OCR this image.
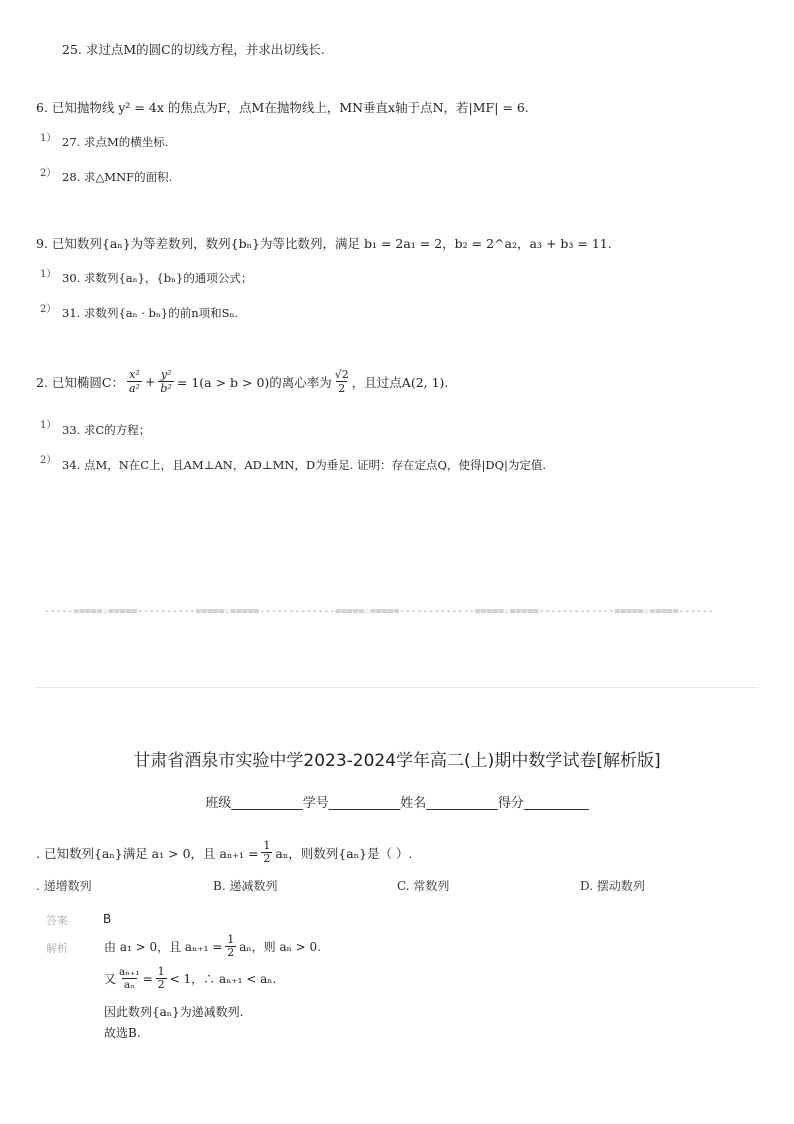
25. 求过点M的圆C的切线方程，并求出切线长.
6. 已知抛物线 y² = 4x 的焦点为F，点M在抛物线上，MN垂直x轴于点N，若|MF| = 6.
1） 27. 求点M的横坐标.
2） 28. 求△MNF的面积.
9. 已知数列{aₙ}为等差数列，数列{bₙ}为等比数列，满足 b₁ = 2a₁ = 2，b₂ = 2^a₂，a₃ + b₃ = 11.
1） 30. 求数列{aₙ}，{bₙ}的通项公式；
2） 31. 求数列{aₙ · bₙ}的前n项和Sₙ.
2. 已知椭圆C： $\frac{\text{x²}}{\text{a²}} + \frac{\text{y²}}{\text{b²}} = 1(a > b > 0)$的离心率为 $\frac{√2}{2}$ ，且过点A(2, 1).
1） 33. 求C的方程；
2） 34. 点M，N在C上，且AM⊥AN，AD⊥MN，D为垂足. 证明：存在定点Q，使得|DQ|为定值.
-----=====☆=====----------=====☆=====-------------=====☆=====-------------=====☆=====-------------=====☆=====------
甘肃省酒泉市实验中学2023-2024学年高二(上)期中数学试卷[解析版]
班级___________学号___________姓名___________得分__________
. 已知数列{aₙ}满足 a₁ > 0，且 $a_{n+1} = \frac{1}{2}$ aₙ，则数列{aₙ}是（ ）.
. 递增数列	B. 递减数列	C. 常数列	D. 摆动数列
答案	B
解析	由 a₁ > 0，且 $a_{n+1} = \frac{1}{2}$ aₙ，则 aₙ > 0.
又 $\frac{\text{aₙ₊₁}}{\text{aₙ}} = \frac{1}{2} < 1$，∴ aₙ₊₁ < aₙ.
因此数列{aₙ}为递减数列.
故选B.
